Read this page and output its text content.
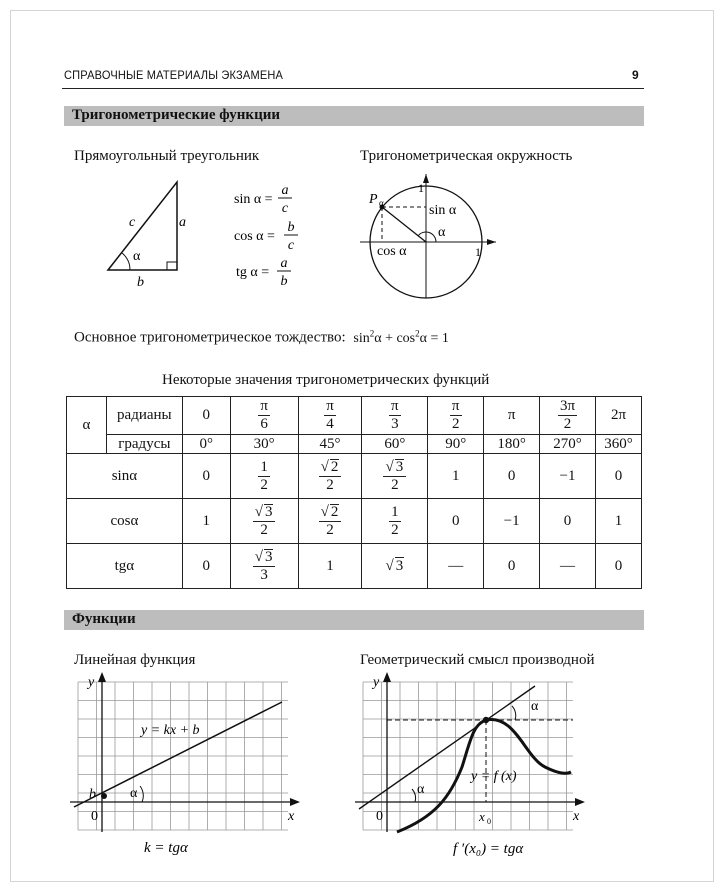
СПРАВОЧНЫЕ МАТЕРИАЛЫ ЭКЗАМЕНА	9
Тригонометрические функции
Прямоугольный треугольник
c	a
b
α
sin α =
a
c
cos α =
b
c
tg α =
a
b
Тригонометрическая окружность
P α	sin α
cos α
α
1
1
Основное тригонометрическое тождество: $\sin^2\alpha + \cos^2\alpha = 1$
Некоторые значения тригонометрических функций
α	радианы	0	$\frac{\pi}{6}$	$\frac{\pi}{4}$	$\frac{\pi}{3}$	$\frac{\pi}{2}$	π	$\frac{3\pi}{2}$	2π
	градусы	0°	30°	45°	60°	90°	180°	270°	360°
sinα		0	$\frac{1}{2}$	$\frac{√ 2}{2}$	$\frac{√ 3}{2}$	1	0	−1	0
cosα		1	$\frac{√ 3}{2}$	$\frac{√ 2}{2}$	$\frac{1}{2}$	0	−1	0	1
tgα		0	$\frac{√ 3}{3}$	1	√ 3	—	0	—	0
Функции
Линейная функция	Геометрический смысл производной
y
x
0
b
y = kx + b
α
k = tgα
y
x
0	x 0
y = f (x)
α
α
f ′(x₀) = tgα
